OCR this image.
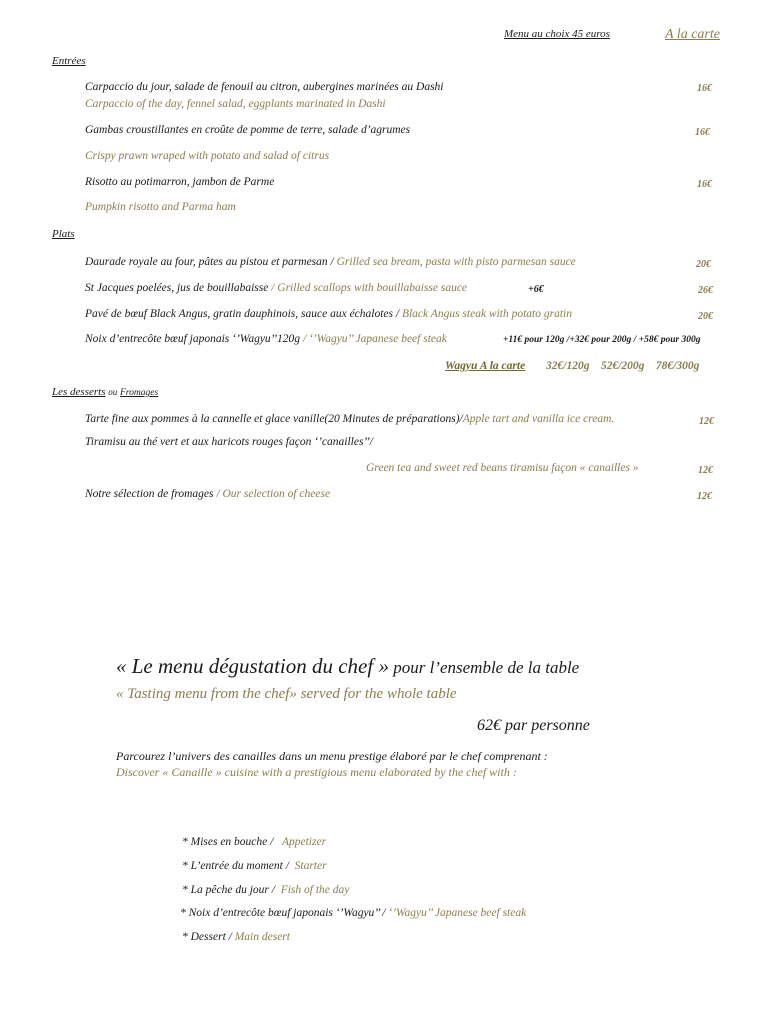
Menu au choix 45 euros	A la carte
Entrées
Carpaccio du jour, salade de fenouil au citron, aubergines marinées au Dashi	16€
Carpaccio of the day, fennel salad, eggplants marinated in Dashi
Gambas croustillantes en croûte de pomme de terre, salade d’agrumes	16€
Crispy prawn wraped with potato and salad of citrus
Risotto au potimarron, jambon de Parme	16€
Pumpkin risotto and Parma ham
Plats
Daurade royale au four, pâtes au pistou et parmesan / Grilled sea bream, pasta with pisto parmesan sauce	20€
St Jacques poelées, jus de bouillabaisse / Grilled scallops with bouillabaisse sauce	+6€	26€
Pavé de bœuf Black Angus, gratin dauphinois, sauce aux échalotes / Black Angus steak with potato gratin	20€
Noix d’entrecôte bœuf japonais ‘’Wagyu’’120g / ‘’Wagyu’’ Japanese beef steak	+11€ pour 120g /+32€ pour 200g / +58€ pour 300g
Wagyu A la carte 32€/120g    52€/200g    78€/300g
Les desserts ou Fromages
Tarte fine aux pommes à la cannelle et glace vanille(20 Minutes de préparations)/Apple tart and vanilla ice cream.	12€
Tiramisu au thé vert et aux haricots rouges façon ‘’canailles’’/
Green tea and sweet red beans tiramisu façon « canailles »	12€
Notre sélection de fromages / Our selection of cheese	12€
« Le menu dégustation du chef » pour l’ensemble de la table
« Tasting menu from the chef» served for the whole table
62€ par personne
Parcourez l’univers des canailles dans un menu prestige élaboré par le chef comprenant :
Discover « Canaille » cuisine with a prestigious menu elaborated by the chef with :
* Mises en bouche / Appetizer
* L’entrée du moment / Starter
* La pêche du jour / Fish of the day
* Noix d’entrecôte bœuf japonais ‘’Wagyu’’ / ‘’Wagyu’’ Japanese beef steak
* Dessert / Main desert
